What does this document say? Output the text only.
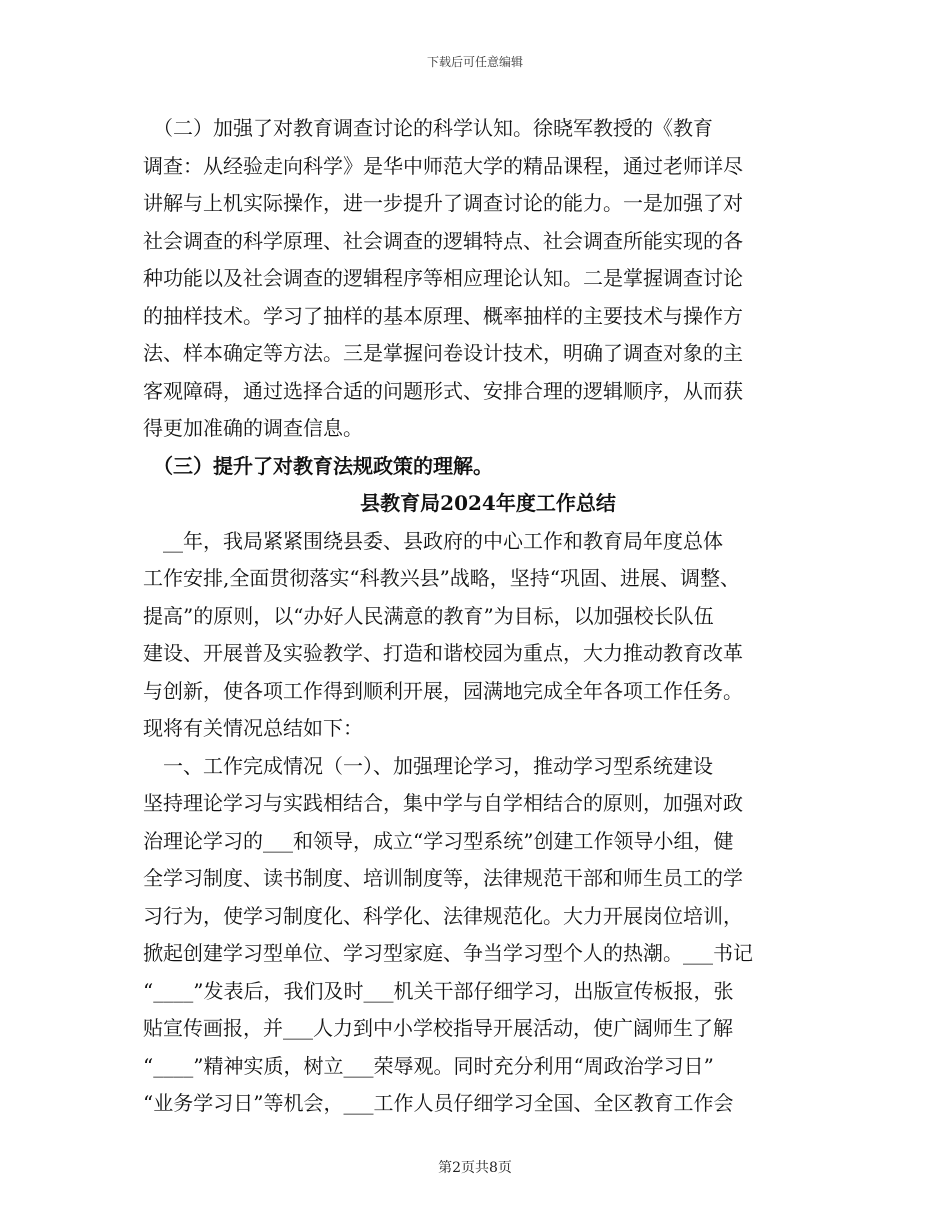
下载后可任意编辑
　（二）加强了对教育调查讨论的科学认知。徐晓军教授的《教育
调查：从经验走向科学》是华中师范大学的精品课程，通过老师详尽
讲解与上机实际操作，进一步提升了调查讨论的能力。一是加强了对
社会调查的科学原理、社会调查的逻辑特点、社会调查所能实现的各
种功能以及社会调查的逻辑程序等相应理论认知。二是掌握调查讨论
的抽样技术。学习了抽样的基本原理、概率抽样的主要技术与操作方
法、样本确定等方法。三是掌握问卷设计技术，明确了调查对象的主
客观障碍，通过选择合适的问题形式、安排合理的逻辑顺序，从而获
得更加准确的调查信息。
　（三）提升了对教育法规政策的理解。
县教育局2024年度工作总结
　__年，我局紧紧围绕县委、县政府的中心工作和教育局年度总体
工作安排,全面贯彻落实“科教兴县”战略，坚持“巩固、进展、调整、
提高”的原则，以“办好人民满意的教育”为目标，以加强校长队伍
建设、开展普及实验教学、打造和谐校园为重点，大力推动教育改革
与创新，使各项工作得到顺利开展，园满地完成全年各项工作任务。
现将有关情况总结如下：
　一、工作完成情况（一）、加强理论学习，推动学习型系统建设
坚持理论学习与实践相结合，集中学与自学相结合的原则，加强对政
治理论学习的___和领导，成立“学习型系统”创建工作领导小组，健
全学习制度、读书制度、培训制度等，法律规范干部和师生员工的学
习行为，使学习制度化、科学化、法律规范化。大力开展岗位培训，
掀起创建学习型单位、学习型家庭、争当学习型个人的热潮。___书记
“____”发表后，我们及时___机关干部仔细学习，出版宣传板报，张
贴宣传画报，并___人力到中小学校指导开展活动，使广阔师生了解
“____”精神实质，树立___荣辱观。同时充分利用“周政治学习日”
“业务学习日”等机会，___工作人员仔细学习全国、全区教育工作会
第2页共8页
